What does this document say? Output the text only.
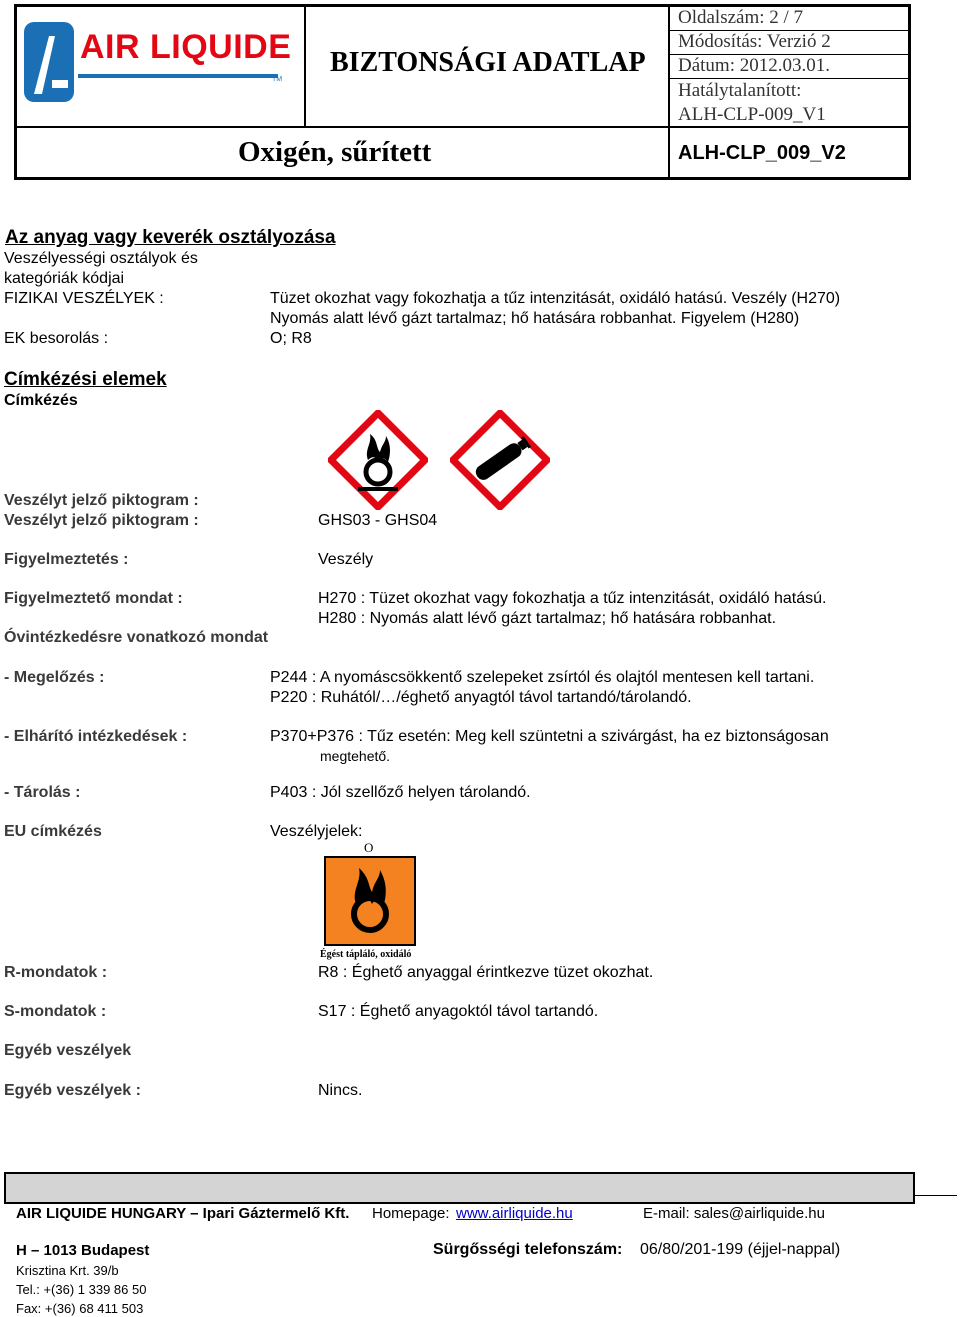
AIR LIQUIDE
TM
BIZTONSÁGI ADATLAP
Oldalszám: 2 / 7
Módosítás: Verzió 2
Dátum: 2012.03.01.
Hatálytalanított:
ALH-CLP-009_V1
Oxigén, sűrített	ALH-CLP_009_V2
Az anyag vagy keverék osztályozása
Veszélyességi osztályok és
kategóriák kódjai
FIZIKAI VESZÉLYEK :	Tüzet okozhat vagy fokozhatja a tűz intenzitását, oxidáló hatású. Veszély (H270)
Nyomás alatt lévő gázt tartalmaz; hő hatására robbanhat. Figyelem (H280)
EK besorolás :	O; R8
Címkézési elemek
Címkézés
Veszélyt jelző piktogram :
Veszélyt jelző piktogram :	GHS03 - GHS04
Figyelmeztetés :	Veszély
Figyelmeztető mondat :	H270 : Tüzet okozhat vagy fokozhatja a tűz intenzitását, oxidáló hatású.
H280 : Nyomás alatt lévő gázt tartalmaz; hő hatására robbanhat.
Óvintézkedésre vonatkozó mondat
- Megelőzés :	P244 : A nyomáscsökkentő szelepeket zsírtól és olajtól mentesen kell tartani.
P220 : Ruhától/…/éghető anyagtól távol tartandó/tárolandó.
- Elhárító intézkedések :	P370+P376 : Tűz esetén: Meg kell szüntetni a szivárgást, ha ez biztonságosan
megtehető.
- Tárolás :	P403 : Jól szellőző helyen tárolandó.
EU címkézés	Veszélyjelek:
O
Égést tápláló, oxidáló
R-mondatok :	R8 : Éghető anyaggal érintkezve tüzet okozhat.
S-mondatok :	S17 : Éghető anyagoktól távol tartandó.
Egyéb veszélyek
Egyéb veszélyek :	Nincs.
AIR LIQUIDE HUNGARY – Ipari Gáztermelő Kft. Homepage: www.airliquide.hu	E-mail: sales@airliquide.hu
H – 1013 Budapest	Sürgősségi telefonszám: 06/80/201-199 (éjjel-nappal)
Krisztina Krt. 39/b
Tel.: +(36) 1 339 86 50
Fax: +(36) 68 411 503
